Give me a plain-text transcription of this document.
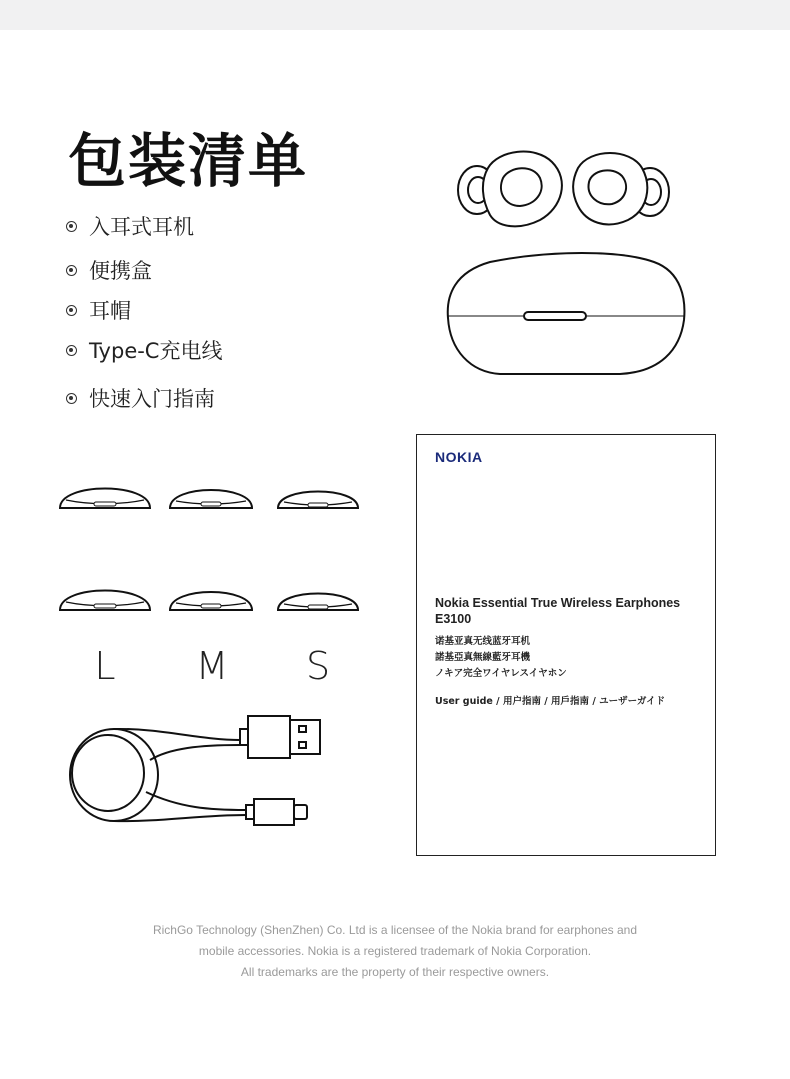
包装清单
入耳式耳机
便携盒
耳帽
Type-C充电线
快速入门指南
L	M	S
NOKIA
Nokia Essential True Wireless Earphones
E3100
诺基亚真无线蓝牙耳机
諾基亞真無線藍牙耳機
ノキア完全ワイヤレスイヤホン
User guide / 用户指南 / 用戶指南 / ユーザーガイド
RichGo Technology (ShenZhen) Co. Ltd is a licensee of the Nokia brand for earphones and
mobile accessories. Nokia is a registered trademark of Nokia Corporation.
All trademarks are the property of their respective owners.
